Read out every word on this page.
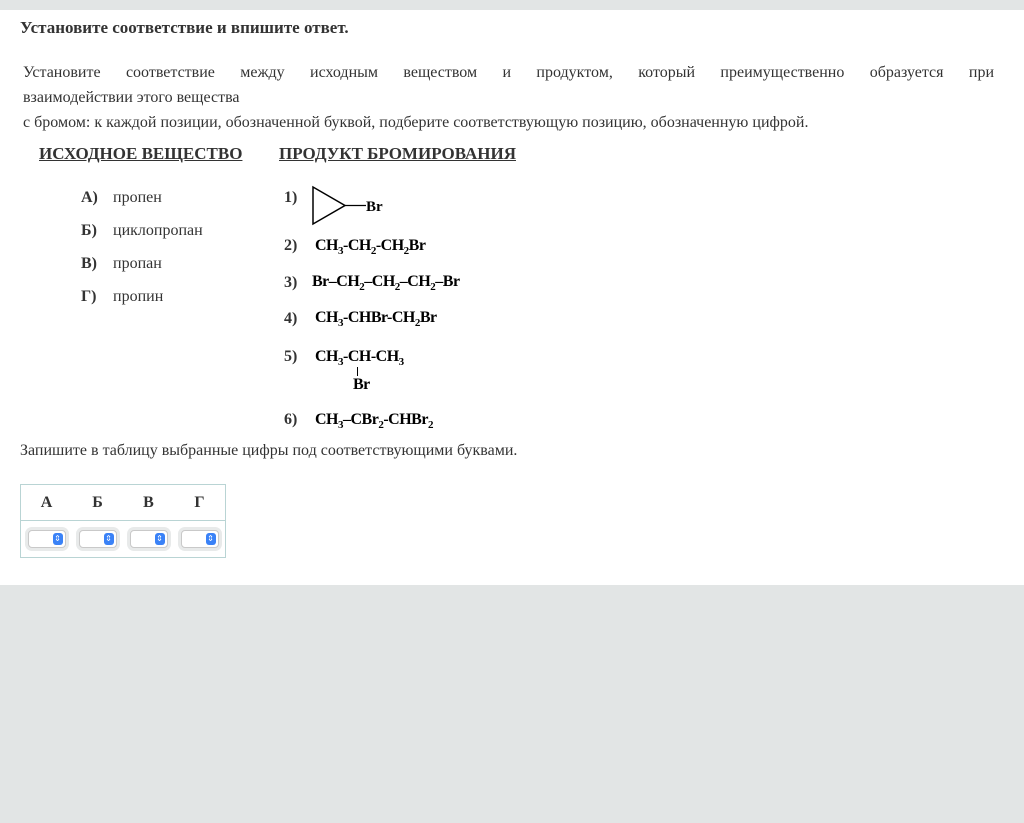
Установите соответствие и впишите ответ.
Установите соответствие между исходным веществом и продуктом, который преимущественно образуется при
взаимодействии этого вещества
с бромом: к каждой позиции, обозначенной буквой, подберите соответствующую позицию, обозначенную цифрой.
ИСХОДНОЕ ВЕЩЕСТВО ПРОДУКТ БРОМИРОВАНИЯ
А) пропен
Б) циклопропан
В) пропан
Г) пропин
1)
Br
2) $CH_3-CH_2-CH_2Br$
3) $Br-CH_2-CH_2-CH_2-Br$
4) $CH_3-CHBr-CH_2Br$
5) $CH_3-CH-CH_3$
Br
6) $CH_3-CBr_2-CHBr_2$
Запишите в таблицу выбранные цифры под соответствующими буквами.
А	Б	В	Г

⇕	⇕	⇕	⇕
